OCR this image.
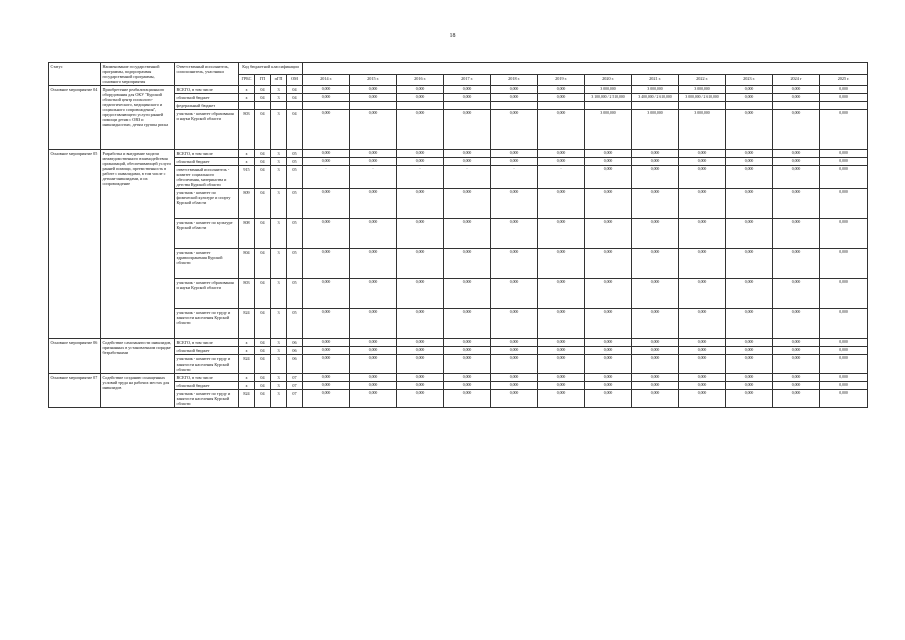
18
Статус	Наименование государственной программы, подпрограммы государственной программы, основного мероприятия	Ответственный исполнитель, соисполнитель, участники	Код бюджетной классификации															
			ГРБС	ГП	пГП	ОМ	2014 г.	2015 г.	2016 г.	2017 г.	2018 г.	2019 г.	2020 г.	2021 г.	2022 г.	2023 г.	2024 г	2025 г.
Основное мероприятие 04	Приобретение реабилитационного оборудования для ОКУ "Курский областной центр психолого-педагогического, медицинского и социального сопровождения", предоставляющего услуги ранней помощи детям с ОВЗ и инвалидностью, детям группы риска	ВСЕГО, в том числе	х	04	3	04	0,000	0,000	0,000	0,000	0,000	0,000	3 000,000	3 000,000	3 000,000	0,000	0,000	0,000
		областной бюджет	х	04	3	04	0,000	0,000	0,000	0,000	0,000	0,000	3 100,000 / 2 510,000	3 400,000 / 2 610,000	3 000,000 / 2 610,000	0,000	0,000	0,000
		федеральный бюджет																
		участник - комитет образования и науки Курской области	803	04	3	04	0,000	0,000	0,000	0,000	0,000	0,000	3 000,000	3 000,000	3 000,000	0,000	0,000	0,000
Основное мероприятие 05	Разработка и внедрение модели межведомственного взаимодействия организаций, обеспечивающей услуги ранней помощи, преемственность в работе с инвалидами, в том числе с детьми-инвалидами, и их сопровождение	ВСЕГО, в том числе	х	04	3	05	0,000	0,000	0,000	0,000	0,000	0,000	0,000	0,000	0,000	0,000	0,000	0,000
		областной бюджет	х	04	3	05	0,000	0,000	0,000	0,000	0,000	0,000	0,000	0,000	0,000	0,000	0,000	0,000
		ответственный исполнитель - комитет социального обеспечения, материнства и детства Курской области	915	04	3	05	-	-	-	-	-	-	0,000	0,000	0,000	0,000	0,000	0,000
		участник - комитет по физической культуре и спорту Курской области	809	04	3	05	0,000	0,000	0,000	0,000	0,000	0,000	0,000	0,000	0,000	0,000	0,000	0,000
		участник - комитет по культуре Курской области	808	04	3	05	0,000	0,000	0,000	0,000	0,000	0,000	0,000	0,000	0,000	0,000	0,000	0,000
		участник - комитет здравоохранения Курской области	804	04	3	05	0,000	0,000	0,000	0,000	0,000	0,000	0,000	0,000	0,000	0,000	0,000	0,000
		участник - комитет образования и науки Курской области	803	04	3	05	0,000	0,000	0,000	0,000	0,000	0,000	0,000	0,000	0,000	0,000	0,000	0,000
		участник - комитет по труду и занятости населения Курской области	824	04	3	05	0,000	0,000	0,000	0,000	0,000	0,000	0,000	0,000	0,000	0,000	0,000	0,000
Основное мероприятие 06	Содействие самозанятости инвалидов, признанных в установленном порядке безработными	ВСЕГО, в том числе	х	04	3	06	0,000	0,000	0,000	0,000	0,000	0,000	0,000	0,000	0,000	0,000	0,000	0,000
		областной бюджет	х	04	3	06	0,000	0,000	0,000	0,000	0,000	0,000	0,000	0,000	0,000	0,000	0,000	0,000
		участник - комитет по труду и занятости населения Курской области	824	04	3	06	0,000	0,000	0,000	0,000	0,000	0,000	0,000	0,000	0,000	0,000	0,000	0,000
Основное мероприятие 07	Содействие созданию оснащенных условий труда на рабочих местах для инвалидов	ВСЕГО, в том числе	х	04	3	07	0,000	0,000	0,000	0,000	0,000	0,000	0,000	0,000	0,000	0,000	0,000	0,000
		областной бюджет	х	04	3	07	0,000	0,000	0,000	0,000	0,000	0,000	0,000	0,000	0,000	0,000	0,000	0,000
		участник - комитет по труду и занятости населения Курской области	824	04	3	07	0,000	0,000	0,000	0,000	0,000	0,000	0,000	0,000	0,000	0,000	0,000	0,000
